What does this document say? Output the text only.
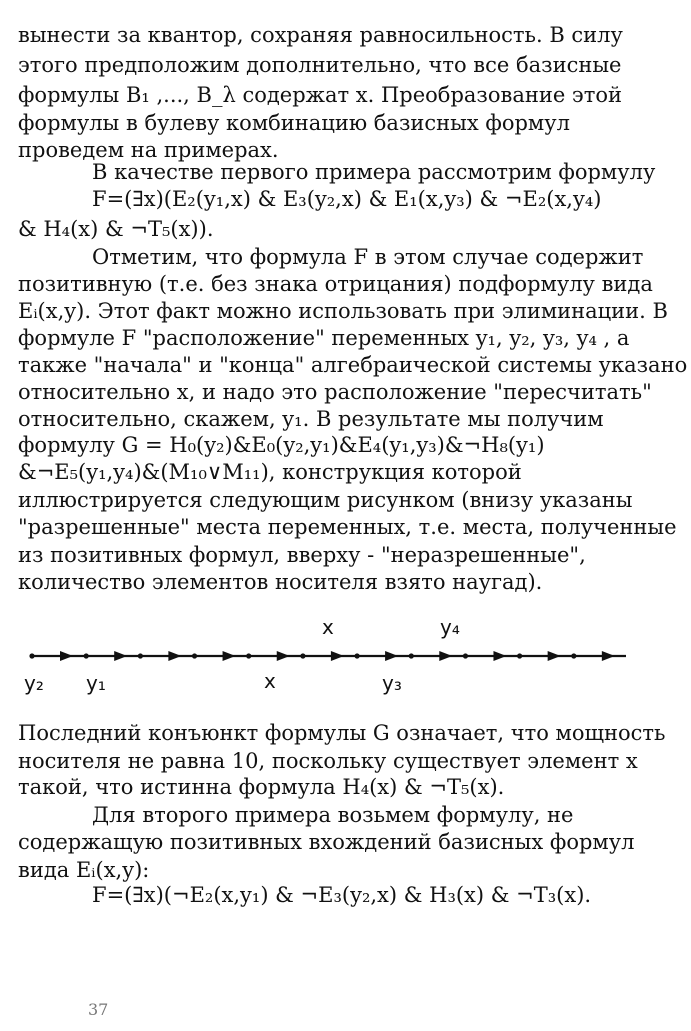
вынести за квантор, сохраняя равносильность. В силу
этого предположим дополнительно, что все базисные
формулы B₁ ,..., B_λ содержат x. Преобразование этой
формулы в булеву комбинацию базисных формул
проведем на примерах.
В качестве первого примера рассмотрим формулу
F=(∃x)(E₂(y₁,x) & E₃(y₂,x) & E₁(x,y₃) & ¬E₂(x,y₄)
& H₄(x) & ¬T₅(x)).
Отметим, что формула F в этом случае содержит
позитивную (т.е. без знака отрицания) подформулу вида
Eᵢ(x,y). Этот факт можно использовать при элиминации. В
формуле F "расположение" переменных y₁, y₂, y₃, y₄ , а
также "начала" и "конца" алгебраической системы указано
относительно x, и надо это расположение "пересчитать"
относительно, скажем, y₁. В результате мы получим
формулу G = H₀(y₂)&E₀(y₂,y₁)&E₄(y₁,y₃)&¬H₈(y₁)
&¬E₅(y₁,y₄)&(M₁₀∨M₁₁), конструкция которой
иллюстрируется следующим рисунком (внизу указаны
"разрешенные" места переменных, т.е. места, полученные
из позитивных формул, вверху - "неразрешенные",
количество элементов носителя взято наугад).
Последний конъюнкт формулы G означает, что мощность
носителя не равна 10, поскольку существует элемент x
такой, что истинна формула H₄(x) & ¬T₅(x).
Для второго примера возьмем формулу, не
содержащую позитивных вхождений базисных формул
вида Eᵢ(x,y):
F=(∃x)(¬E₂(x,y₁) & ¬E₃(y₂,x) & H₃(x) & ¬T₃(x).
x	y₄
y₂ y₁	x	y₃
37
